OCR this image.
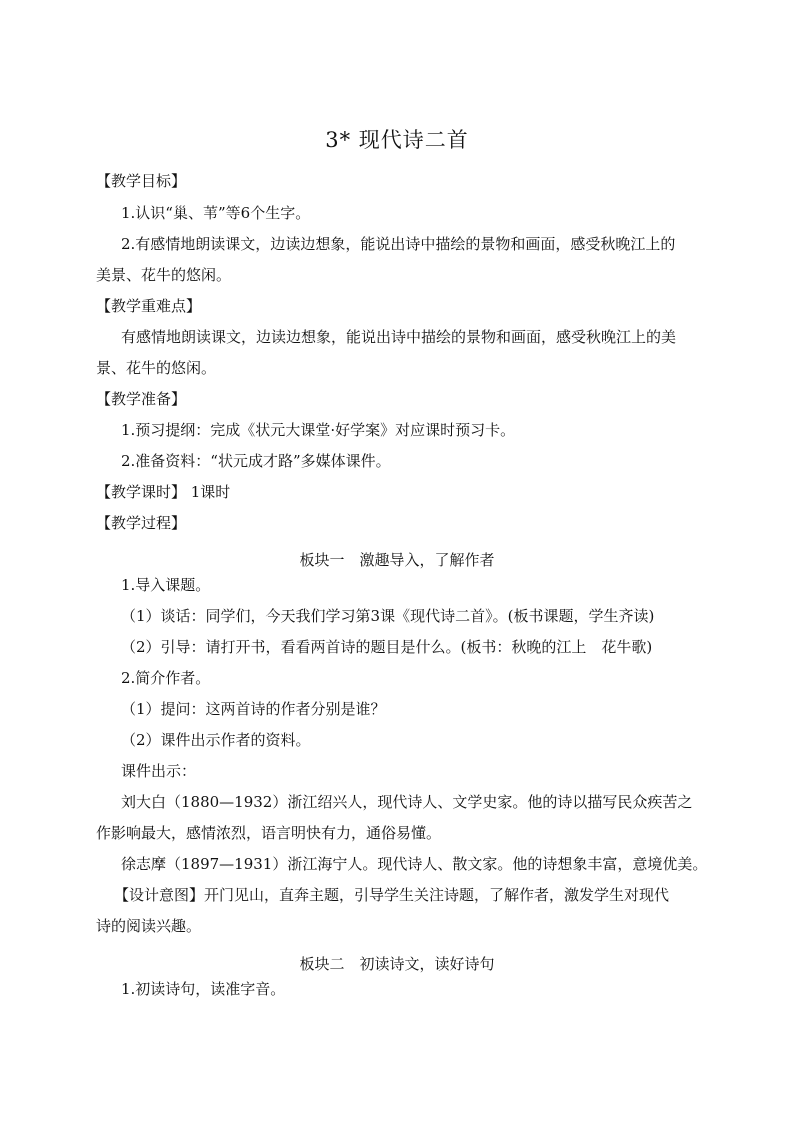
3* 现代诗二首
【教学目标】
1.认识“巢、苇”等6个生字。
2.有感情地朗读课文，边读边想象，能说出诗中描绘的景物和画面，感受秋晚江上的
美景、花牛的悠闲。
【教学重难点】
有感情地朗读课文，边读边想象，能说出诗中描绘的景物和画面，感受秋晚江上的美
景、花牛的悠闲。
【教学准备】
1.预习提纲：完成《状元大课堂·好学案》对应课时预习卡。
2.准备资料：“状元成才路”多媒体课件。
【教学课时】 1课时
【教学过程】
板块一　激趣导入，了解作者
1.导入课题。
（1）谈话：同学们，今天我们学习第3课《现代诗二首》。(板书课题，学生齐读)
（2）引导：请打开书，看看两首诗的题目是什么。(板书：秋晚的江上　花牛歌)
2.简介作者。
（1）提问：这两首诗的作者分别是谁？
（2）课件出示作者的资料。
课件出示：
刘大白（1880—1932）浙江绍兴人，现代诗人、文学史家。他的诗以描写民众疾苦之
作影响最大，感情浓烈，语言明快有力，通俗易懂。
徐志摩（1897—1931）浙江海宁人。现代诗人、散文家。他的诗想象丰富，意境优美。
【设计意图】开门见山，直奔主题，引导学生关注诗题，了解作者，激发学生对现代
诗的阅读兴趣。
板块二　初读诗文，读好诗句
1.初读诗句，读准字音。
